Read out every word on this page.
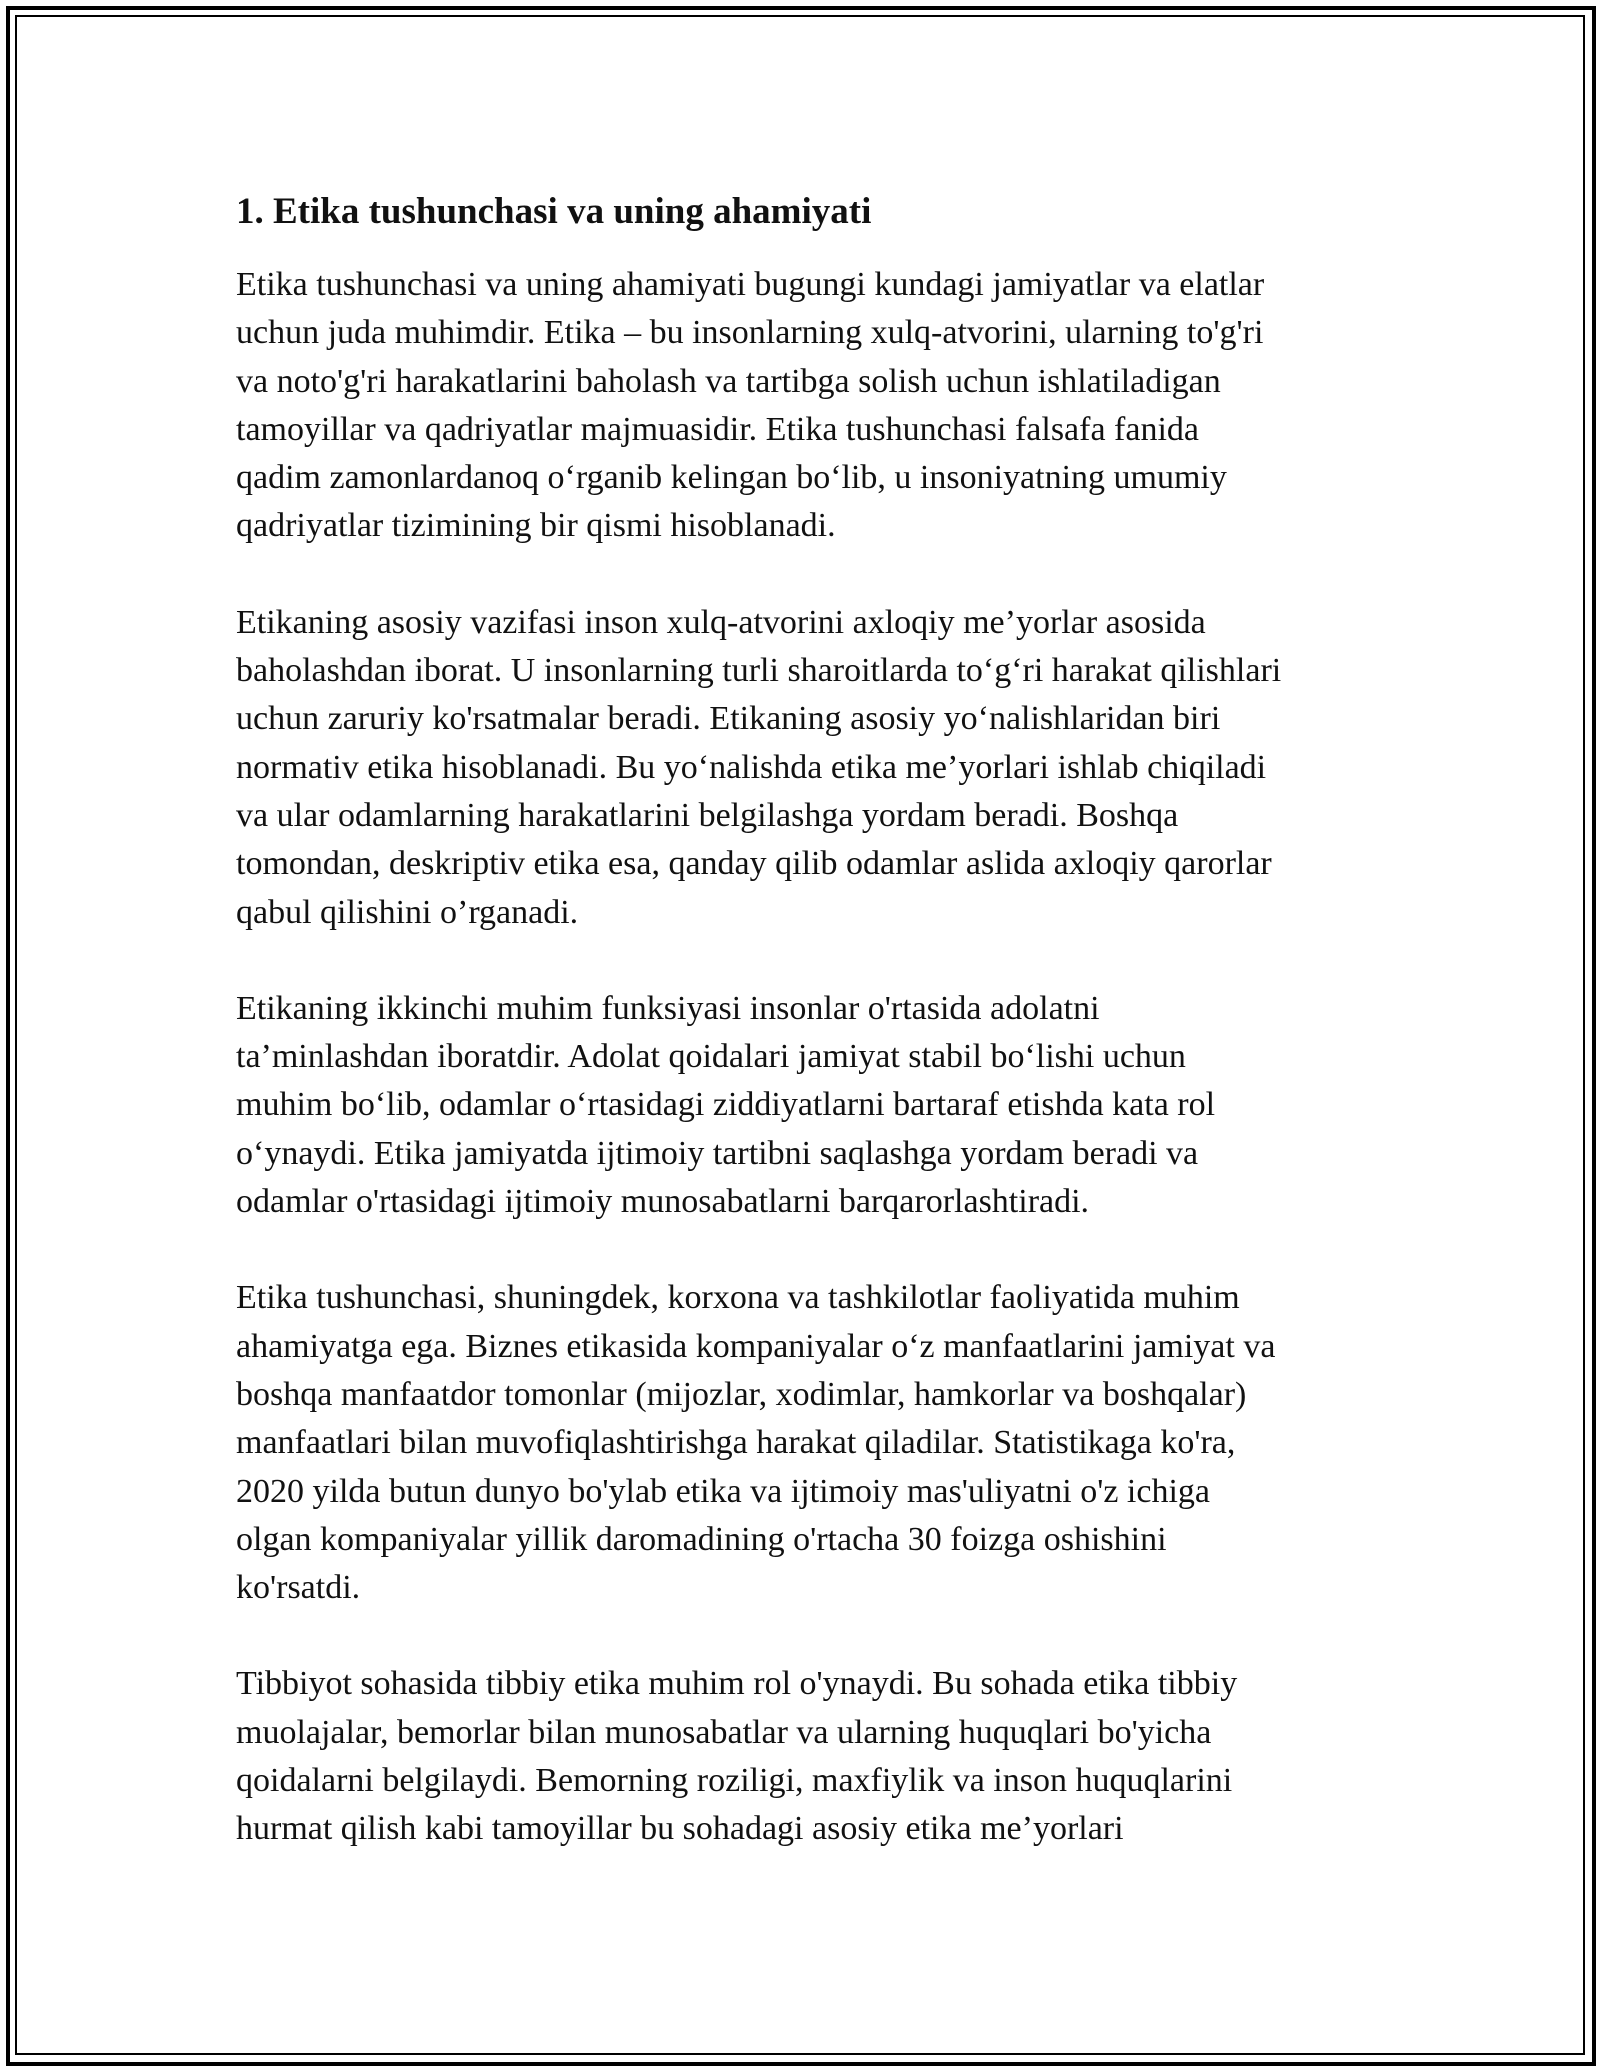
1. Etika tushunchasi va uning ahamiyati
Etika tushunchasi va uning ahamiyati bugungi kundagi jamiyatlar va elatlar
uchun juda muhimdir. Etika – bu insonlarning xulq-atvorini, ularning to'g'ri
va noto'g'ri harakatlarini baholash va tartibga solish uchun ishlatiladigan
tamoyillar va qadriyatlar majmuasidir. Etika tushunchasi falsafa fanida
qadim zamonlardanoq o‘rganib kelingan bo‘lib, u insoniyatning umumiy
qadriyatlar tizimining bir qismi hisoblanadi.
Etikaning asosiy vazifasi inson xulq-atvorini axloqiy me’yorlar asosida
baholashdan iborat. U insonlarning turli sharoitlarda to‘g‘ri harakat qilishlari
uchun zaruriy ko'rsatmalar beradi. Etikaning asosiy yo‘nalishlaridan biri
normativ etika hisoblanadi. Bu yo‘nalishda etika me’yorlari ishlab chiqiladi
va ular odamlarning harakatlarini belgilashga yordam beradi. Boshqa
tomondan, deskriptiv etika esa, qanday qilib odamlar aslida axloqiy qarorlar
qabul qilishini o’rganadi.
Etikaning ikkinchi muhim funksiyasi insonlar o'rtasida adolatni
ta’minlashdan iboratdir. Adolat qoidalari jamiyat stabil bo‘lishi uchun
muhim bo‘lib, odamlar o‘rtasidagi ziddiyatlarni bartaraf etishda kata rol
o‘ynaydi. Etika jamiyatda ijtimoiy tartibni saqlashga yordam beradi va
odamlar o'rtasidagi ijtimoiy munosabatlarni barqarorlashtiradi.
Etika tushunchasi, shuningdek, korxona va tashkilotlar faoliyatida muhim
ahamiyatga ega. Biznes etikasida kompaniyalar o‘z manfaatlarini jamiyat va
boshqa manfaatdor tomonlar (mijozlar, xodimlar, hamkorlar va boshqalar)
manfaatlari bilan muvofiqlashtirishga harakat qiladilar. Statistikaga ko'ra,
2020 yilda butun dunyo bo'ylab etika va ijtimoiy mas'uliyatni o'z ichiga
olgan kompaniyalar yillik daromadining o'rtacha 30 foizga oshishini
ko'rsatdi.
Tibbiyot sohasida tibbiy etika muhim rol o'ynaydi. Bu sohada etika tibbiy
muolajalar, bemorlar bilan munosabatlar va ularning huquqlari bo'yicha
qoidalarni belgilaydi. Bemorning roziligi, maxfiylik va inson huquqlarini
hurmat qilish kabi tamoyillar bu sohadagi asosiy etika me’yorlari
